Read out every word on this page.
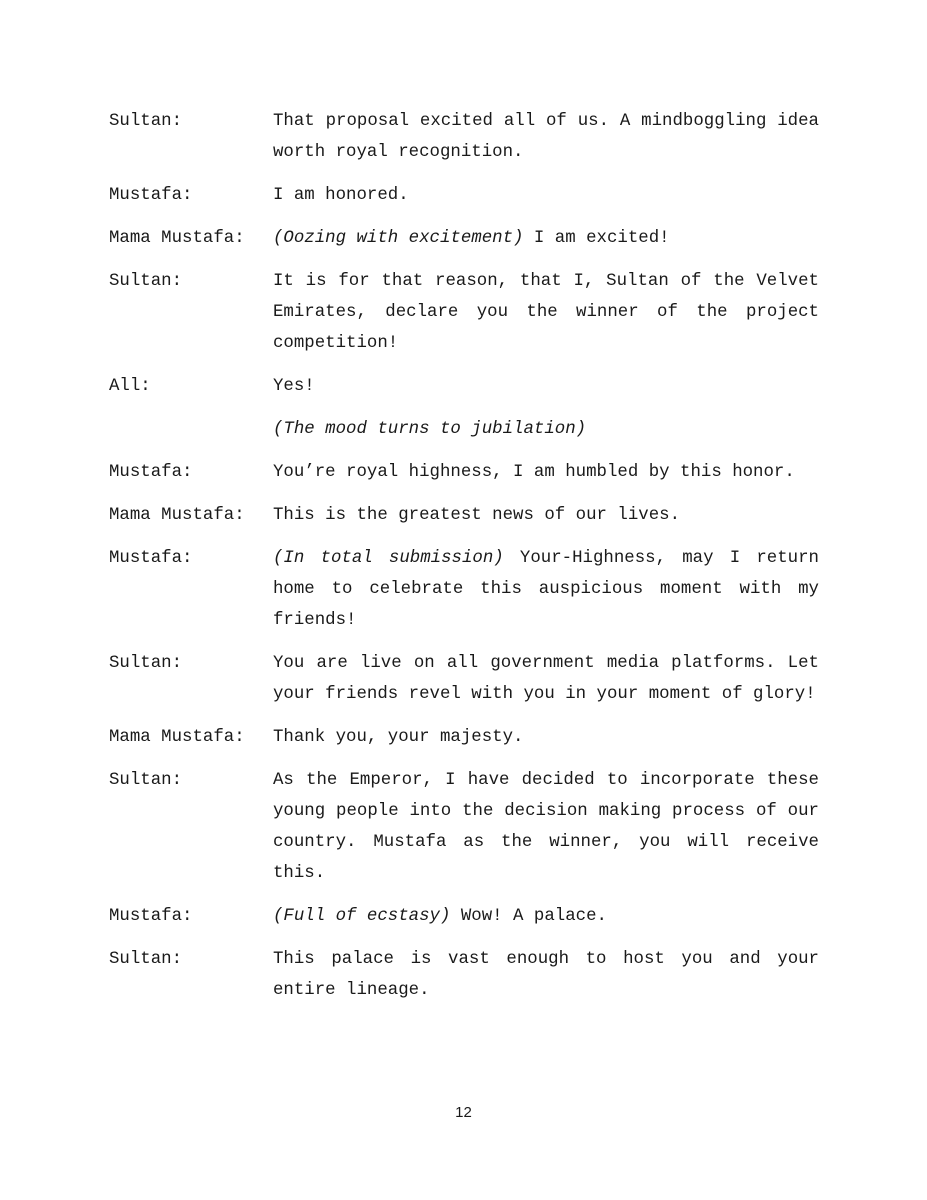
Sultan:	That proposal excited all of us. A mindboggling idea worth royal recognition.
Mustafa:	I am honored.
Mama Mustafa:	(Oozing with excitement) I am excited!
Sultan:	It is for that reason, that I, Sultan of the Velvet Emirates, declare you the winner of the project competition!
All:	Yes!
(The mood turns to jubilation)
Mustafa:	You’re royal highness, I am humbled by this honor.
Mama Mustafa:	This is the greatest news of our lives.
Mustafa:	(In total submission) Your-Highness, may I return home to celebrate this auspicious moment with my friends!
Sultan:	You are live on all government media platforms. Let your friends revel with you in your moment of glory!
Mama Mustafa:	Thank you, your majesty.
Sultan:	As the Emperor, I have decided to incorporate these young people into the decision making process of our country. Mustafa as the winner, you will receive this.
Mustafa:	(Full of ecstasy) Wow! A palace.
Sultan:	This palace is vast enough to host you and your entire lineage.
12
